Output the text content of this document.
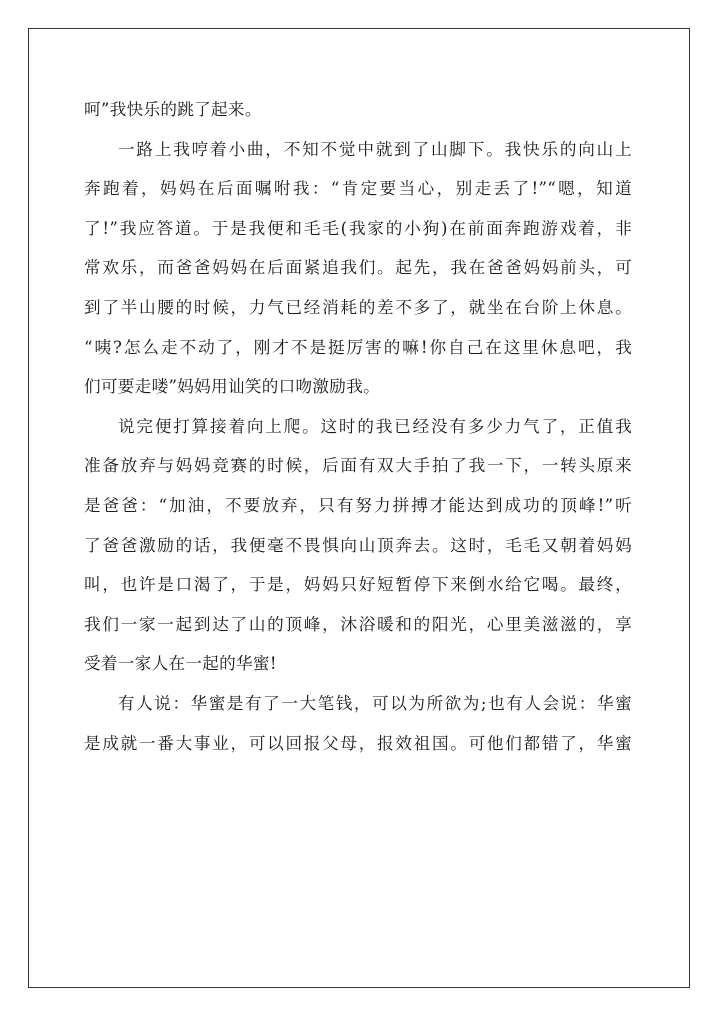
呵”我快乐的跳了起来。
一路上我哼着小曲，不知不觉中就到了山脚下。我快乐的向山上
奔跑着，妈妈在后面嘱咐我：“肯定要当心，别走丢了!”“嗯，知道
了!”我应答道。于是我便和毛毛(我家的小狗)在前面奔跑游戏着，非
常欢乐，而爸爸妈妈在后面紧追我们。起先，我在爸爸妈妈前头，可
到了半山腰的时候，力气已经消耗的差不多了，就坐在台阶上休息。
“咦?怎么走不动了，刚才不是挺厉害的嘛!你自己在这里休息吧，我
们可要走喽”妈妈用讪笑的口吻激励我。
说完便打算接着向上爬。这时的我已经没有多少力气了，正值我
准备放弃与妈妈竞赛的时候，后面有双大手拍了我一下，一转头原来
是爸爸：“加油，不要放弃，只有努力拼搏才能达到成功的顶峰!”听
了爸爸激励的话，我便毫不畏惧向山顶奔去。这时，毛毛又朝着妈妈
叫，也许是口渴了，于是，妈妈只好短暂停下来倒水给它喝。最终，
我们一家一起到达了山的顶峰，沐浴暖和的阳光，心里美滋滋的，享
受着一家人在一起的华蜜!
有人说：华蜜是有了一大笔钱，可以为所欲为;也有人会说：华蜜
是成就一番大事业，可以回报父母，报效祖国。可他们都错了，华蜜
